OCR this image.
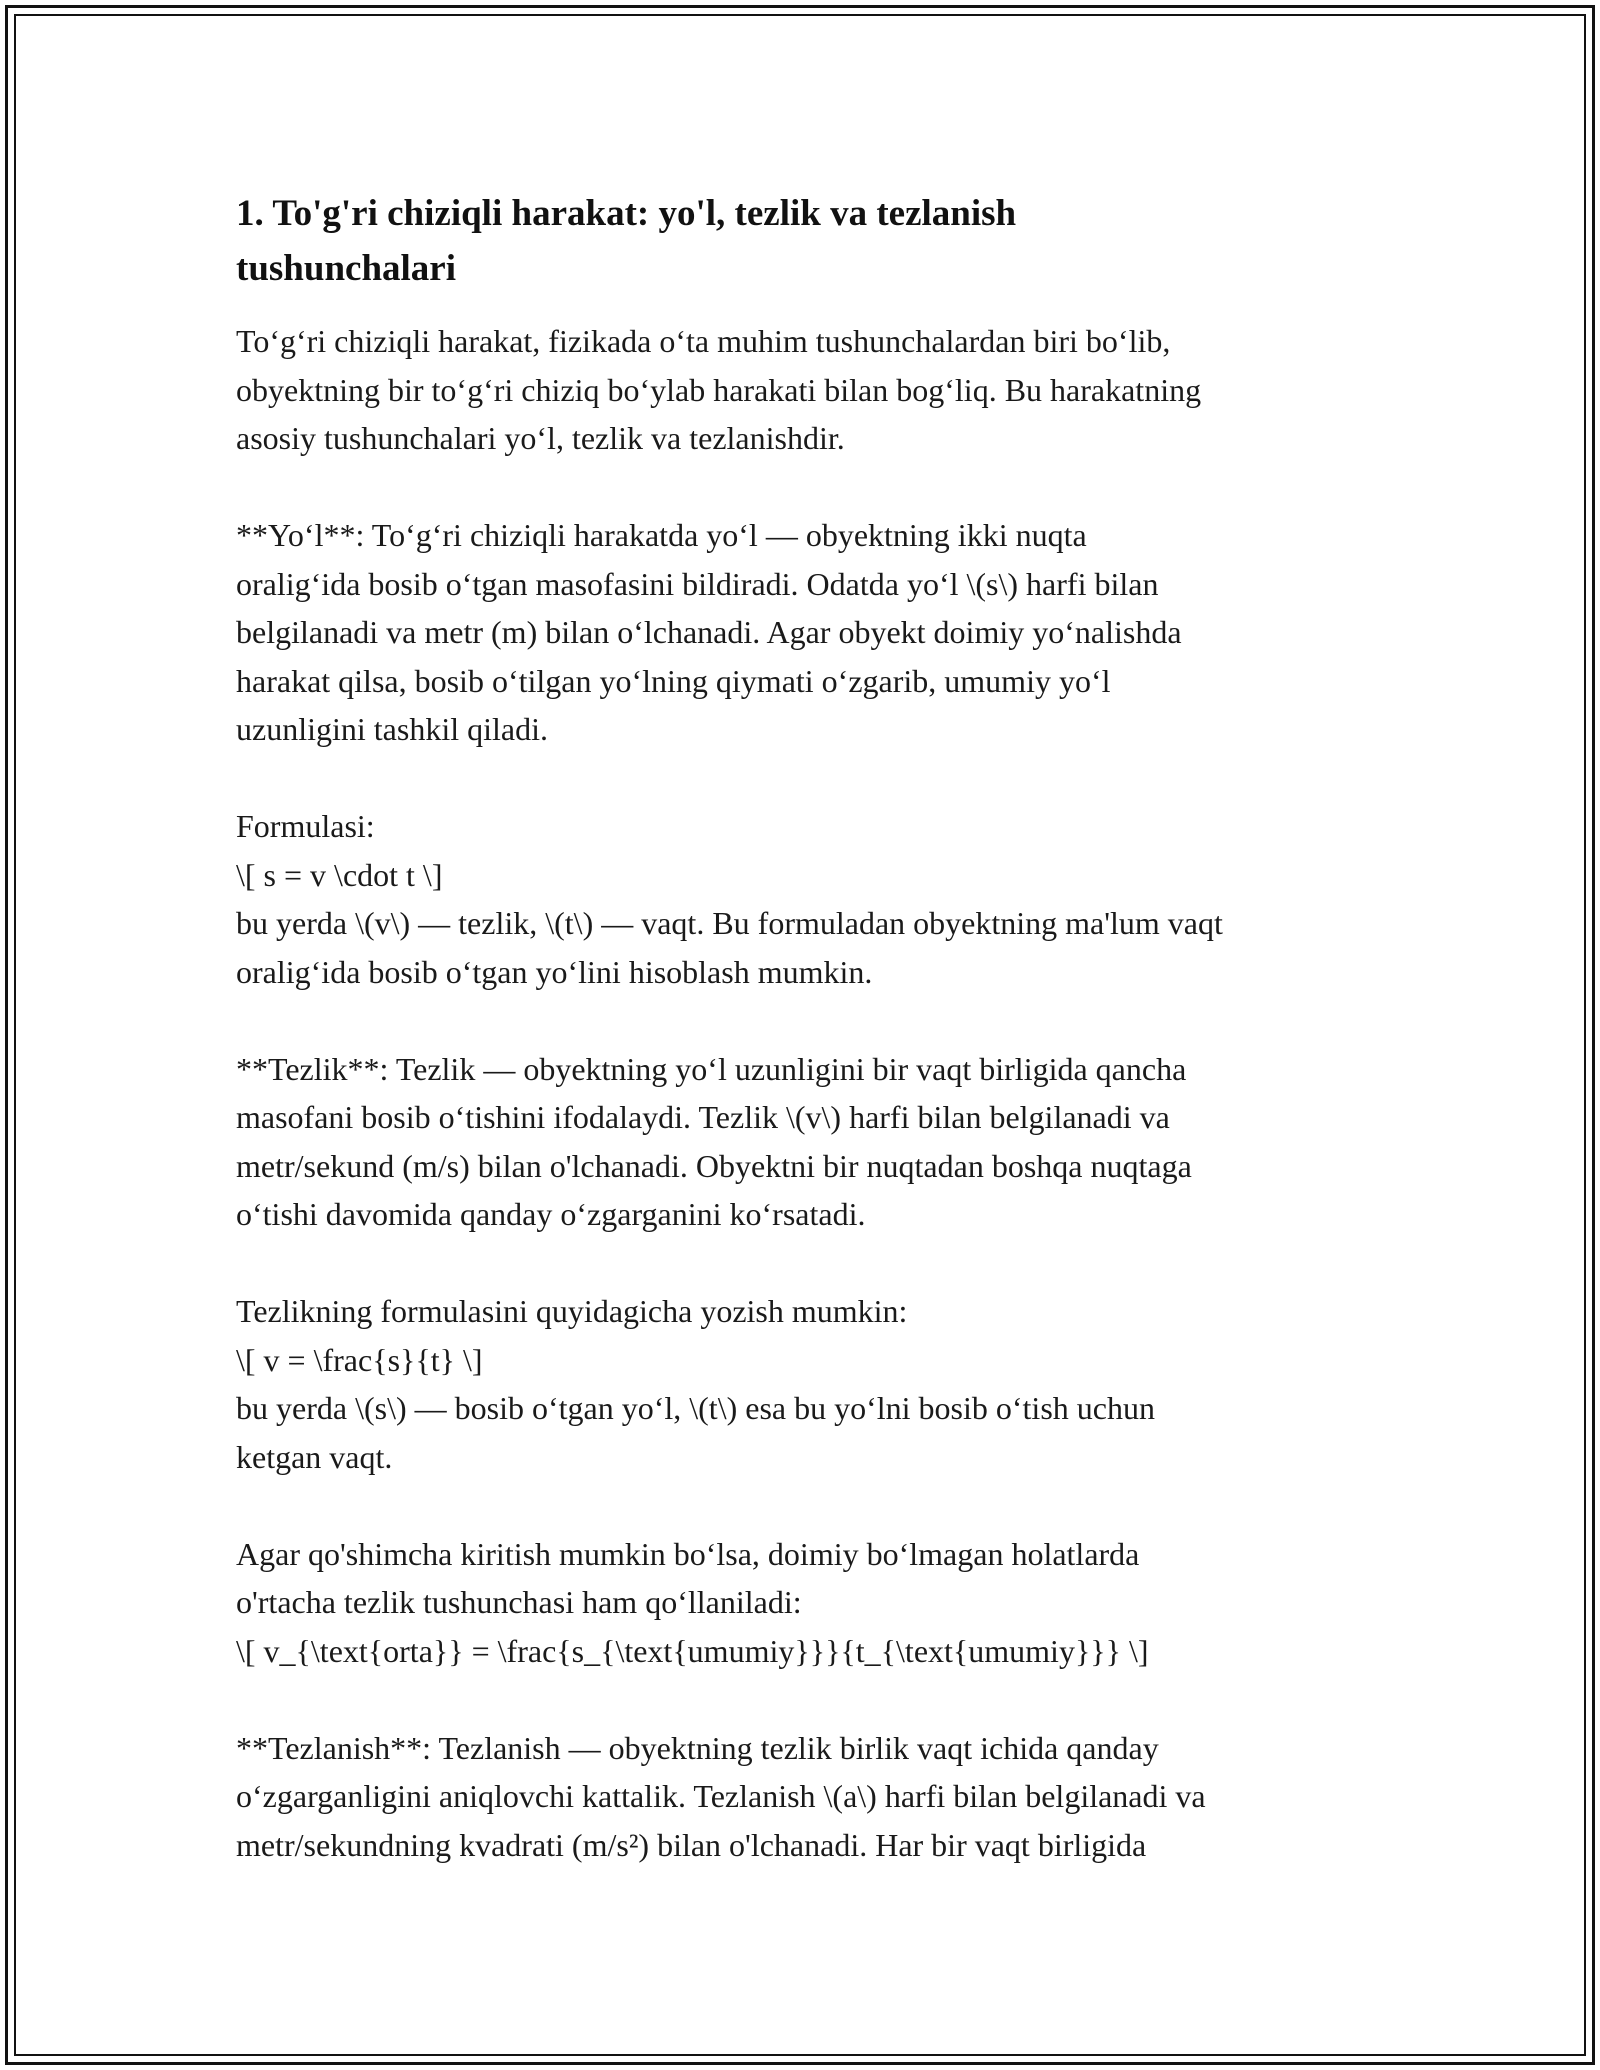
1. To'g'ri chiziqli harakat: yo'l, tezlik va tezlanish
tushunchalari

To‘g‘ri chiziqli harakat, fizikada o‘ta muhim tushunchalardan biri bo‘lib,
obyektning bir to‘g‘ri chiziq bo‘ylab harakati bilan bog‘liq. Bu harakatning
asosiy tushunchalari yo‘l, tezlik va tezlanishdir.

**Yo‘l**: To‘g‘ri chiziqli harakatda yo‘l — obyektning ikki nuqta
oralig‘ida bosib o‘tgan masofasini bildiradi. Odatda yo‘l \(s\) harfi bilan
belgilanadi va metr (m) bilan o‘lchanadi. Agar obyekt doimiy yo‘nalishda
harakat qilsa, bosib o‘tilgan yo‘lning qiymati o‘zgarib, umumiy yo‘l
uzunligini tashkil qiladi.

Formulasi:
\[ s = v \cdot t \]
bu yerda \(v\) — tezlik, \(t\) — vaqt. Bu formuladan obyektning ma'lum vaqt
oralig‘ida bosib o‘tgan yo‘lini hisoblash mumkin.

**Tezlik**: Tezlik — obyektning yo‘l uzunligini bir vaqt birligida qancha
masofani bosib o‘tishini ifodalaydi. Tezlik \(v\) harfi bilan belgilanadi va
metr/sekund (m/s) bilan o'lchanadi. Obyektni bir nuqtadan boshqa nuqtaga
o‘tishi davomida qanday o‘zgarganini ko‘rsatadi.

Tezlikning formulasini quyidagicha yozish mumkin:
\[ v = \frac{s}{t} \]
bu yerda \(s\) — bosib o‘tgan yo‘l, \(t\) esa bu yo‘lni bosib o‘tish uchun
ketgan vaqt.

Agar qo'shimcha kiritish mumkin bo‘lsa, doimiy bo‘lmagan holatlarda
o'rtacha tezlik tushunchasi ham qo‘llaniladi:
\[ v_{\text{orta}} = \frac{s_{\text{umumiy}}}{t_{\text{umumiy}}} \]

**Tezlanish**: Tezlanish — obyektning tezlik birlik vaqt ichida qanday
o‘zgarganligini aniqlovchi kattalik. Tezlanish \(a\) harfi bilan belgilanadi va
metr/sekundning kvadrati (m/s²) bilan o'lchanadi. Har bir vaqt birligida
